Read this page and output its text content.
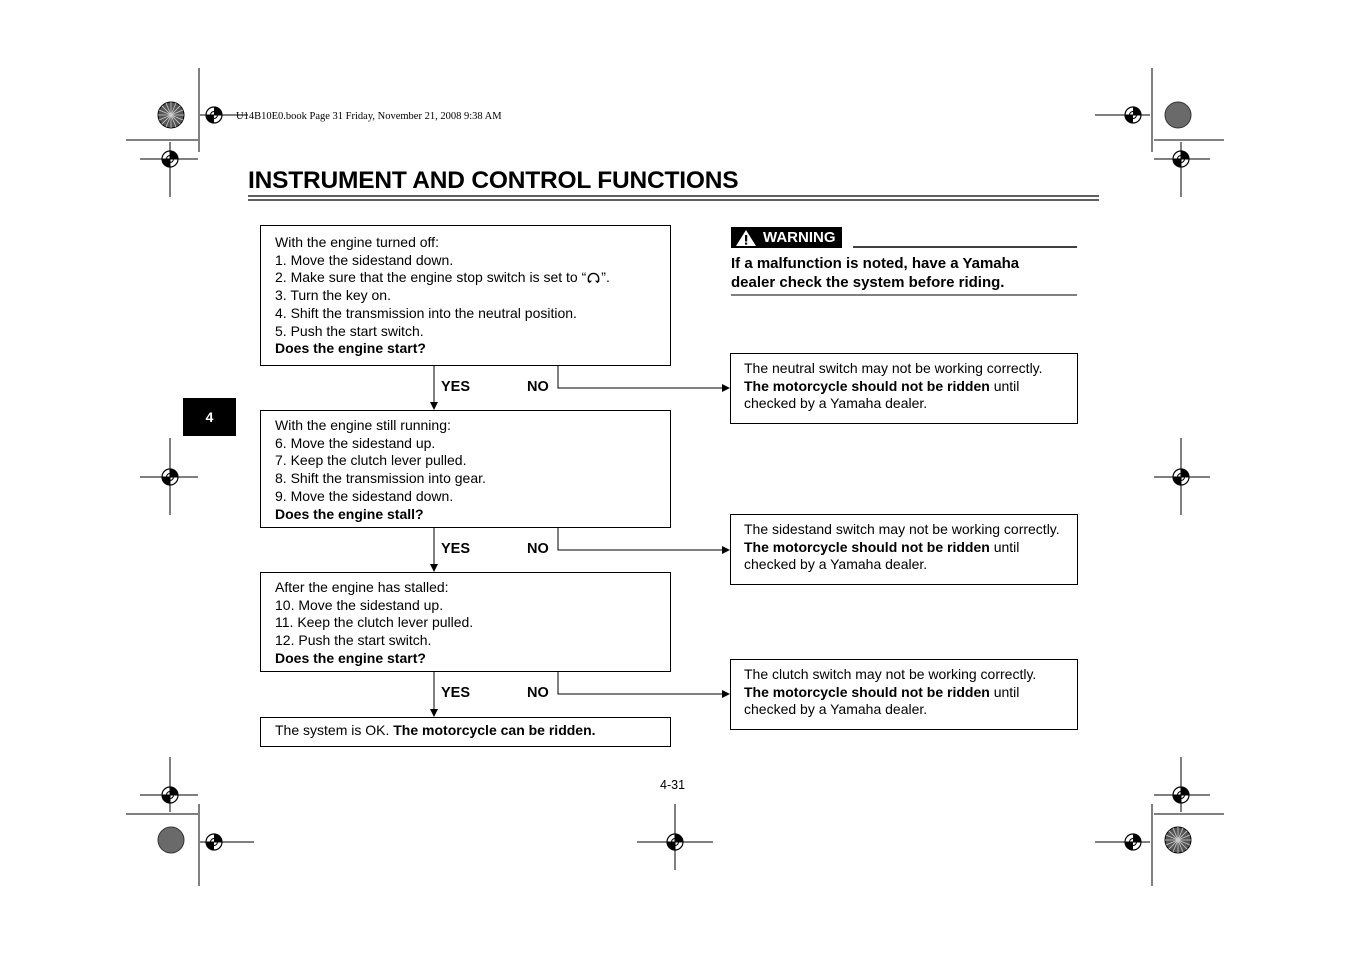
U14B10E0.book Page 31 Friday, November 21, 2008 9:38 AM
INSTRUMENT AND CONTROL FUNCTIONS
4
WARNING
If a malfunction is noted, have a Yamaha
dealer check the system before riding.
With the engine turned off:
1. Move the sidestand down.
2. Make sure that the engine stop switch is set to “ ”.
3. Turn the key on.
4. Shift the transmission into the neutral position.
5. Push the start switch.
Does the engine start?
With the engine still running:
6. Move the sidestand up.
7. Keep the clutch lever pulled.
8. Shift the transmission into gear.
9. Move the sidestand down.
Does the engine stall?
After the engine has stalled:
10. Move the sidestand up.
11. Keep the clutch lever pulled.
12. Push the start switch.
Does the engine start?
The system is OK. The motorcycle can be ridden.
YES	NO
YES	NO
YES	NO
The neutral switch may not be working correctly.
The motorcycle should not be ridden until
checked by a Yamaha dealer.
The sidestand switch may not be working correctly.
The motorcycle should not be ridden until
checked by a Yamaha dealer.
The clutch switch may not be working correctly.
The motorcycle should not be ridden until
checked by a Yamaha dealer.
4-31
